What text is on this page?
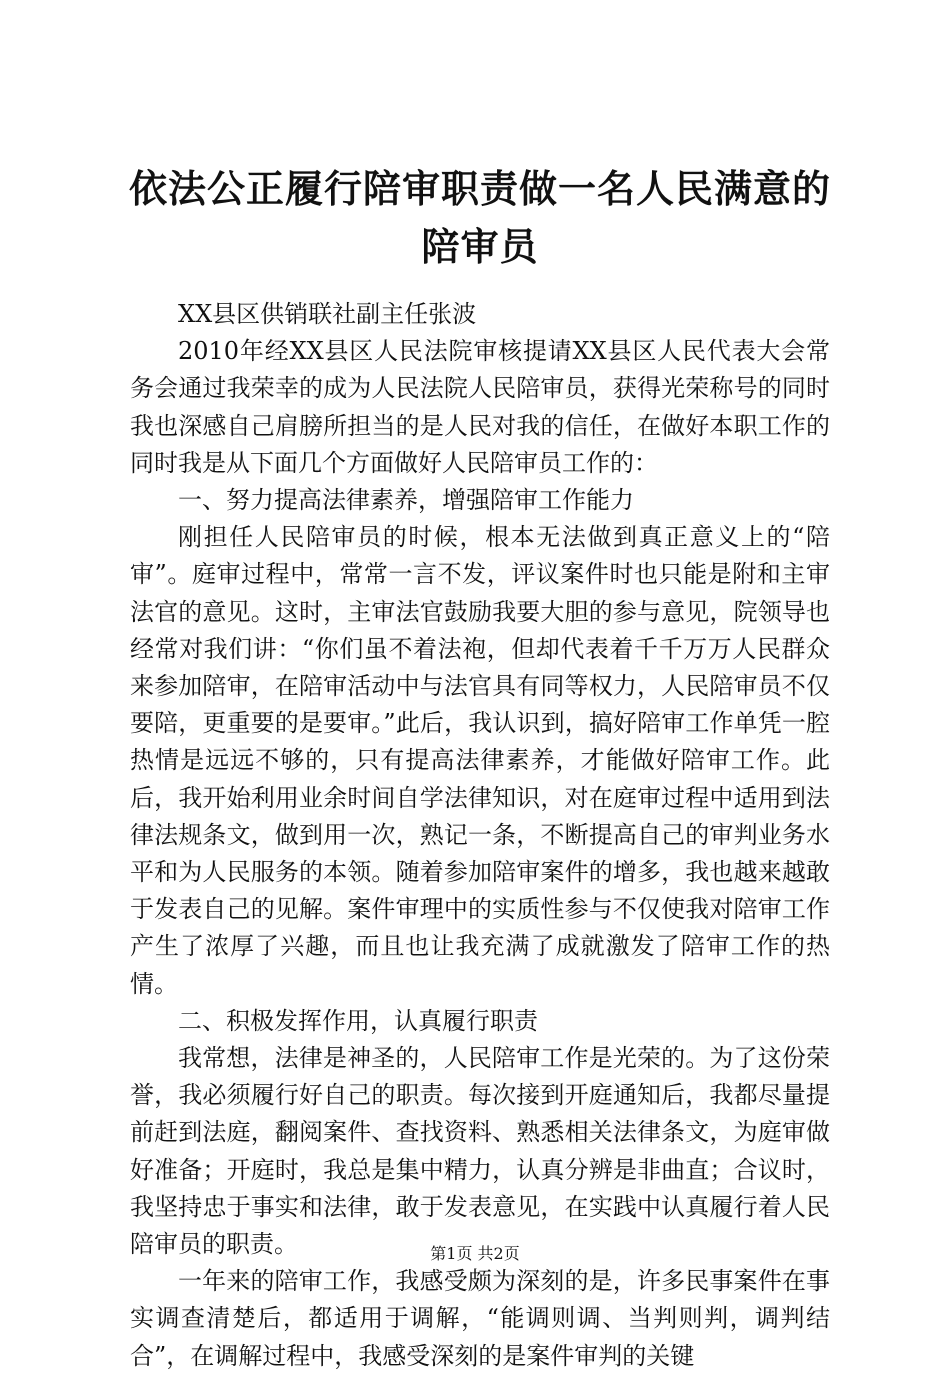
依法公正履行陪审职责做一名人民满意的陪审员

XX县区供销联社副主任张波

2010年经XX县区人民法院审核提请XX县区人民代表大会常务会通过我荣幸的成为人民法院人民陪审员，获得光荣称号的同时我也深感自己肩膀所担当的是人民对我的信任，在做好本职工作的同时我是从下面几个方面做好人民陪审员工作的：

一、努力提高法律素养，增强陪审工作能力

刚担任人民陪审员的时候，根本无法做到真正意义上的“陪审”。庭审过程中，常常一言不发，评议案件时也只能是附和主审法官的意见。这时，主审法官鼓励我要大胆的参与意见，院领导也经常对我们讲：“你们虽不着法袍，但却代表着千千万万人民群众来参加陪审，在陪审活动中与法官具有同等权力，人民陪审员不仅要陪，更重要的是要审。”此后，我认识到，搞好陪审工作单凭一腔热情是远远不够的，只有提高法律素养，才能做好陪审工作。此后，我开始利用业余时间自学法律知识，对在庭审过程中适用到法律法规条文，做到用一次，熟记一条，不断提高自己的审判业务水平和为人民服务的本领。随着参加陪审案件的增多，我也越来越敢于发表自己的见解。案件审理中的实质性参与不仅使我对陪审工作产生了浓厚了兴趣，而且也让我充满了成就激发了陪审工作的热情。

二、积极发挥作用，认真履行职责

我常想，法律是神圣的，人民陪审工作是光荣的。为了这份荣誉，我必须履行好自己的职责。每次接到开庭通知后，我都尽量提前赶到法庭，翻阅案件、查找资料、熟悉相关法律条文，为庭审做好准备；开庭时，我总是集中精力，认真分辨是非曲直；合议时，我坚持忠于事实和法律，敢于发表意见，在实践中认真履行着人民陪审员的职责。

一年来的陪审工作，我感受颇为深刻的是，许多民事案件在事实调查清楚后，都适用于调解，“能调则调、当判则判，调判结合”，在调解过程中，我感受深刻的是案件审判的关键

第1页 共2页
